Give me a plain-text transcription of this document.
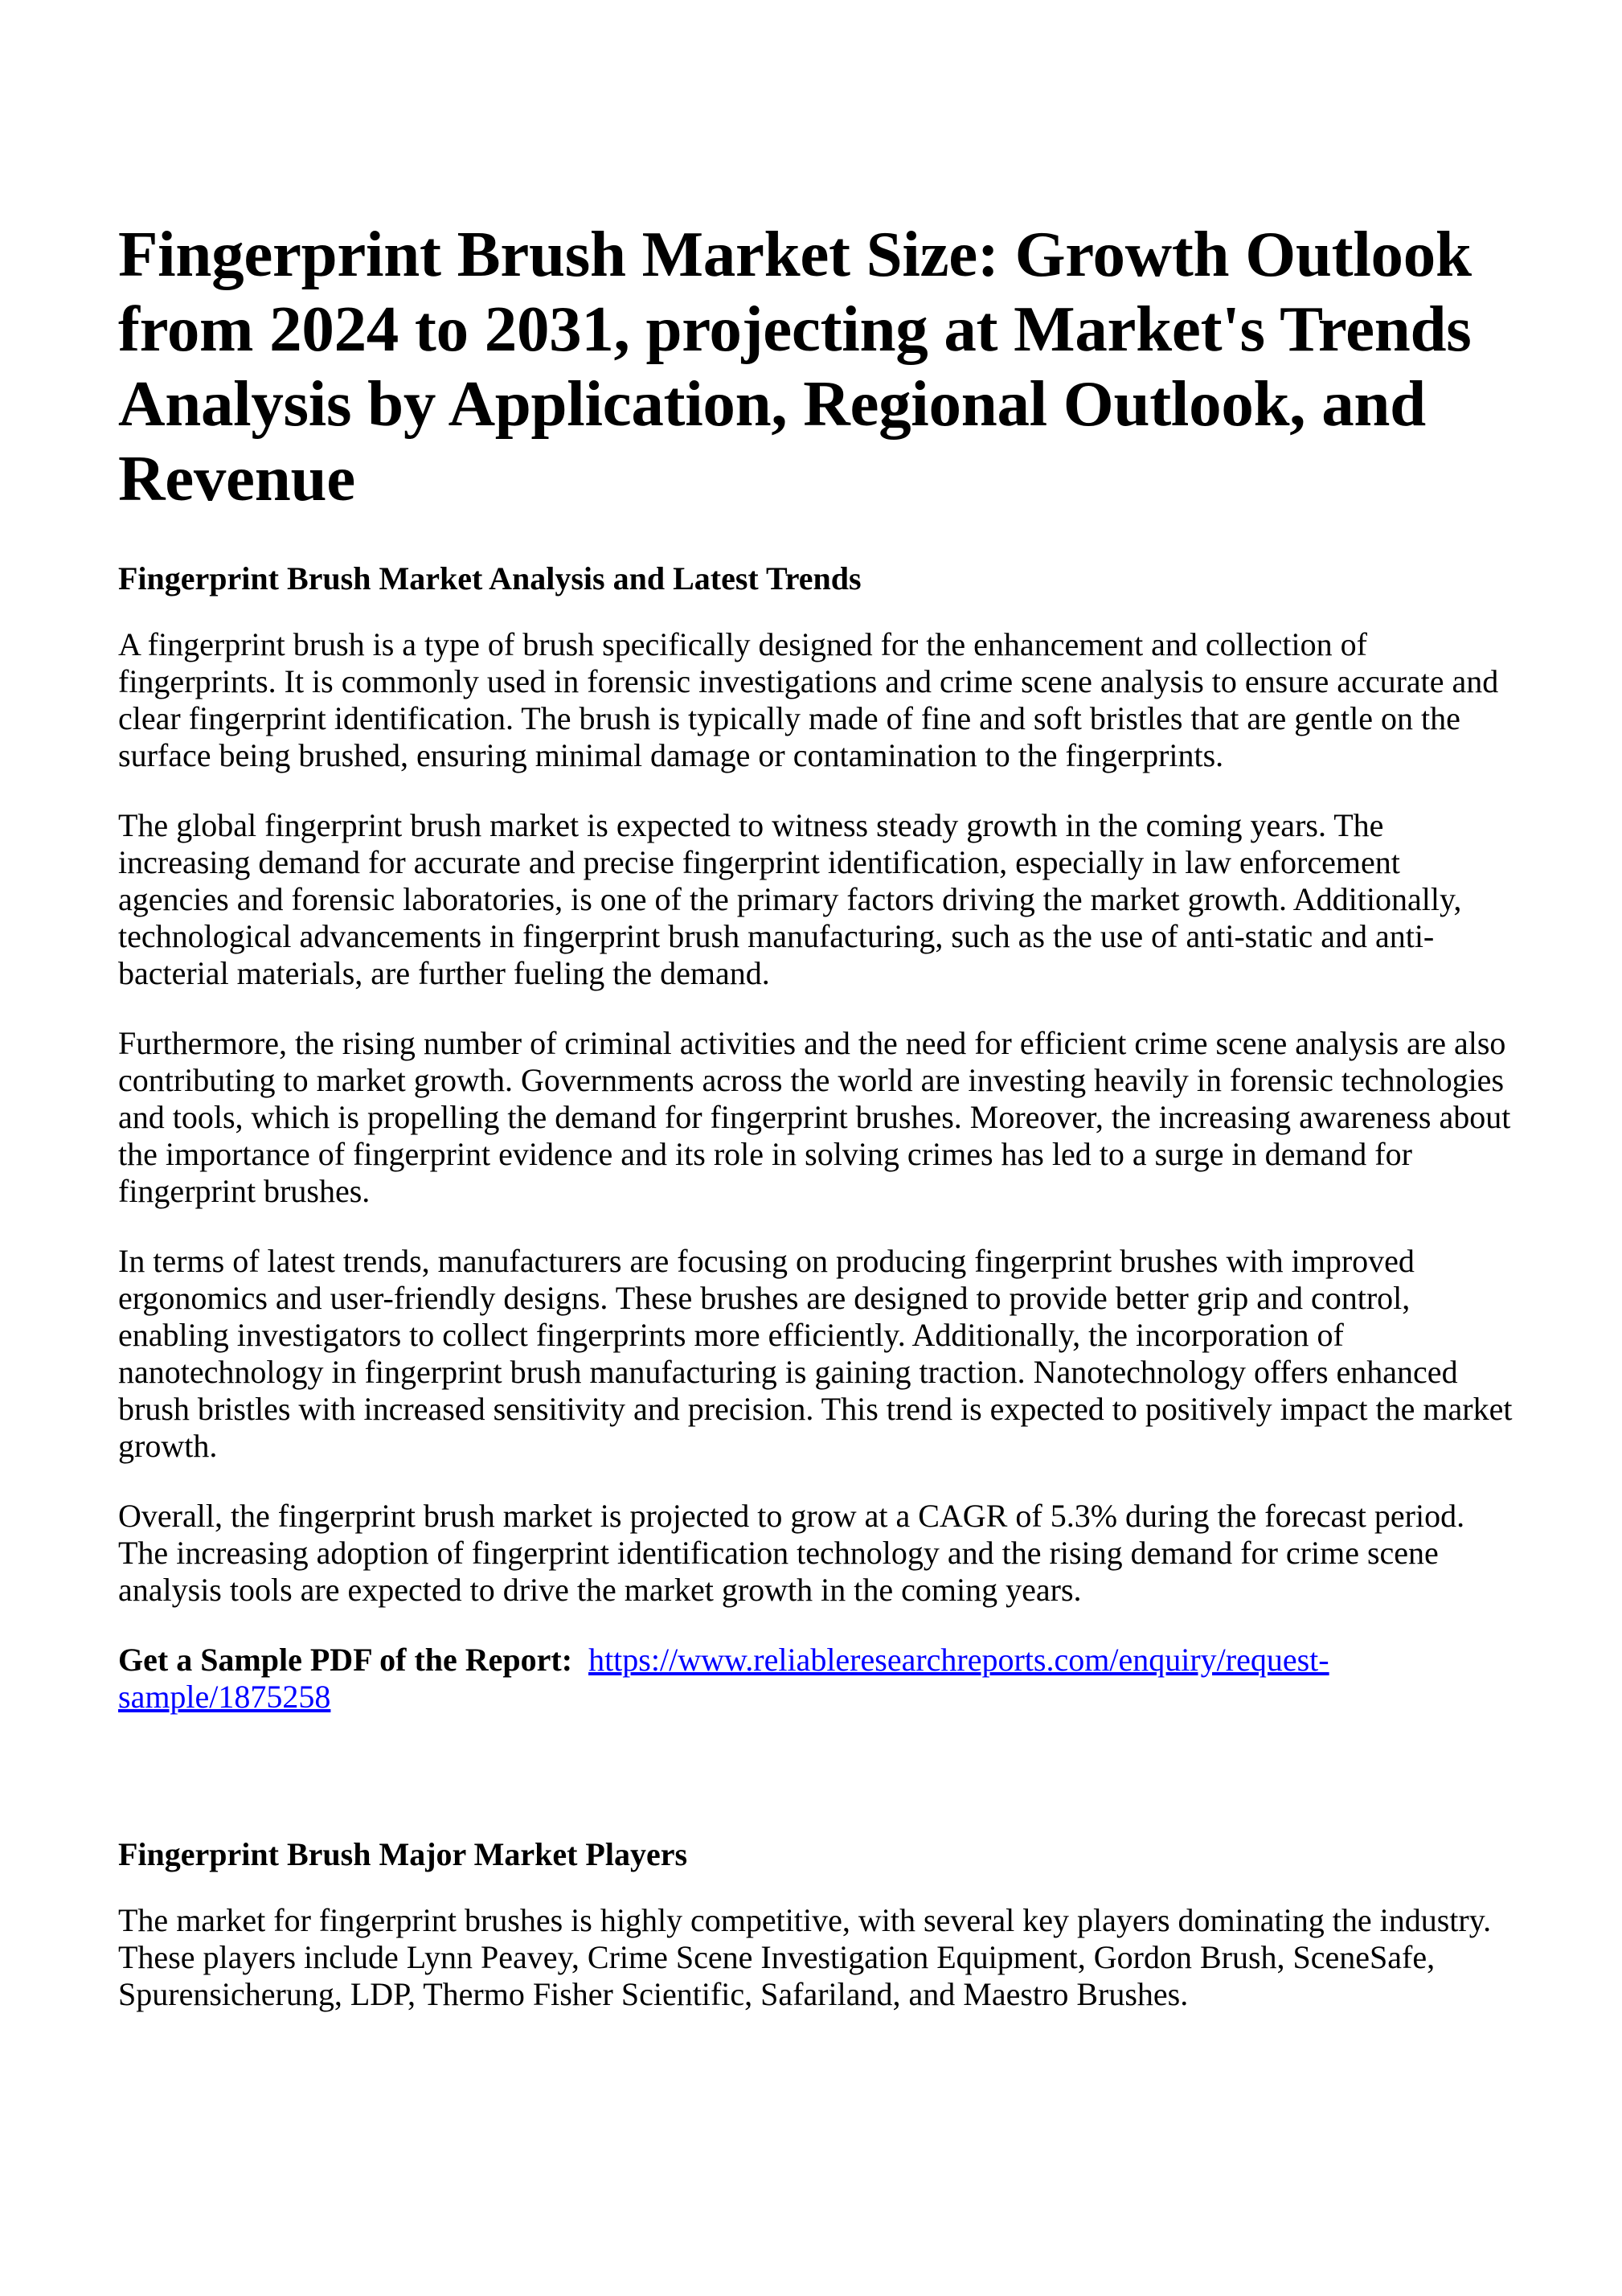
Fingerprint Brush Market Size: Growth Outlook from 2024 to 2031, projecting at Market's Trends Analysis by Application, Regional Outlook, and Revenue
Fingerprint Brush Market Analysis and Latest Trends

A fingerprint brush is a type of brush specifically designed for the enhancement and collection of fingerprints. It is commonly used in forensic investigations and crime scene analysis to ensure accurate and clear fingerprint identification. The brush is typically made of fine and soft bristles that are gentle on the surface being brushed, ensuring minimal damage or contamination to the fingerprints.

The global fingerprint brush market is expected to witness steady growth in the coming years. The increasing demand for accurate and precise fingerprint identification, especially in law enforcement agencies and forensic laboratories, is one of the primary factors driving the market growth. Additionally, technological advancements in fingerprint brush manufacturing, such as the use of anti-static and anti-bacterial materials, are further fueling the demand.

Furthermore, the rising number of criminal activities and the need for efficient crime scene analysis are also contributing to market growth. Governments across the world are investing heavily in forensic technologies and tools, which is propelling the demand for fingerprint brushes. Moreover, the increasing awareness about the importance of fingerprint evidence and its role in solving crimes has led to a surge in demand for fingerprint brushes.

In terms of latest trends, manufacturers are focusing on producing fingerprint brushes with improved ergonomics and user-friendly designs. These brushes are designed to provide better grip and control, enabling investigators to collect fingerprints more efficiently. Additionally, the incorporation of nanotechnology in fingerprint brush manufacturing is gaining traction. Nanotechnology offers enhanced brush bristles with increased sensitivity and precision. This trend is expected to positively impact the market growth.

Overall, the fingerprint brush market is projected to grow at a CAGR of 5.3% during the forecast period. The increasing adoption of fingerprint identification technology and the rising demand for crime scene analysis tools are expected to drive the market growth in the coming years.

Get a Sample PDF of the Report:  https://www.reliableresearchreports.com/enquiry/request-sample/1875258

Fingerprint Brush Major Market Players

The market for fingerprint brushes is highly competitive, with several key players dominating the industry. These players include Lynn Peavey, Crime Scene Investigation Equipment, Gordon Brush, SceneSafe, Spurensicherung, LDP, Thermo Fisher Scientific, Safariland, and Maestro Brushes.
